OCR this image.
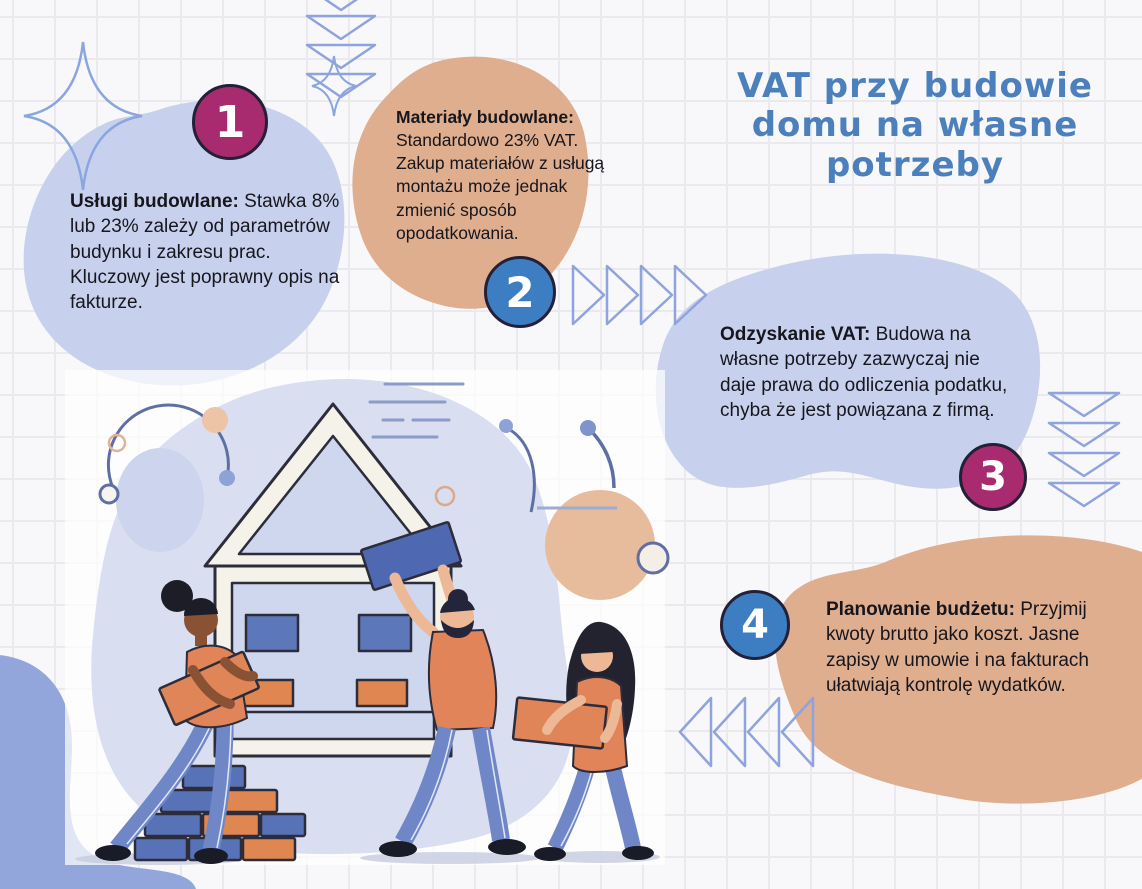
VAT przy budowie domu na własne potrzeby
1
2
3
4

Usługi budowlane: Stawka 8% lub 23% zależy od parametrów budynku i zakresu prac. Kluczowy jest poprawny opis na fakturze.

Materiały budowlane: Standardowo 23% VAT. Zakup materiałów z usługą montażu może jednak zmienić sposób opodatkowania.

Odzyskanie VAT: Budowa na własne potrzeby zazwyczaj nie daje prawa do odliczenia podatku, chyba że jest powiązana z firmą.

Planowanie budżetu: Przyjmij kwoty brutto jako koszt. Jasne zapisy w umowie i na fakturach ułatwiają kontrolę wydatków.
